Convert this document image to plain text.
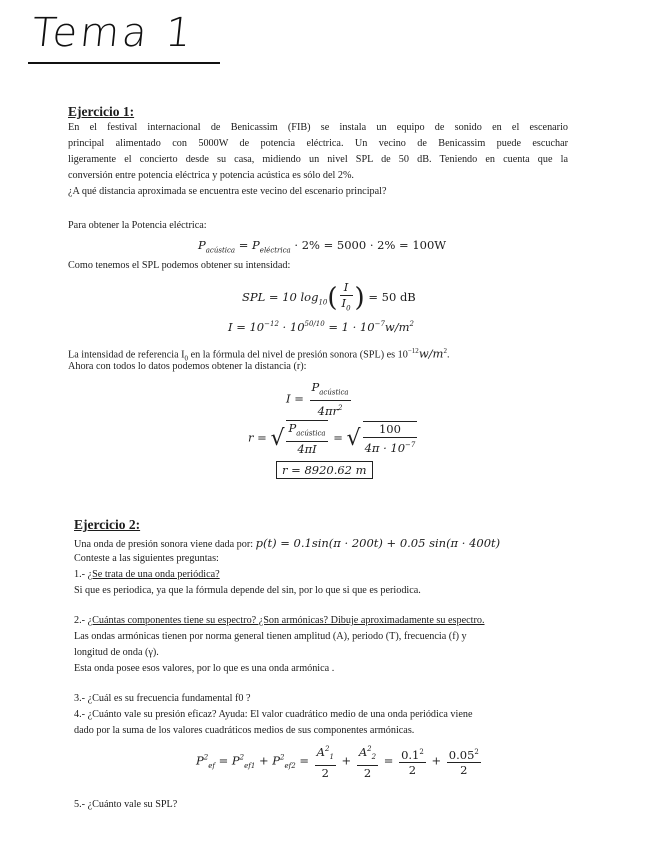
Tema 1
Ejercicio 1:
En el festival internacional de Benicassim (FIB) se instala un equipo de sonido en el escenario
principal alimentado con 5000W de potencia eléctrica. Un vecino de Benicassim puede escuchar
ligeramente el concierto desde su casa, midiendo un nivel SPL de 50 dB. Teniendo en cuenta que la
conversión entre potencia eléctrica y potencia acústica es sólo del 2%.
¿A qué distancia aproximada se encuentra este vecino del escenario principal?
Para obtener la Potencia eléctrica:
$P_{acústica} = P_{eléctrica} \cdot 2\% = 5000 \cdot 2\% = 100W$
Como tenemos el SPL podemos obtener su intensidad:
SPL = 10 $\log_{10}( \frac{I}{I_0}$ ) = 50 dB
$I = 10^{-12} \cdot 10^{50/10} = 1 \cdot 10^{-7}w/m^2$
La intensidad de referencia $I_0$ en la fórmula del nivel de presión sonora (SPL) es $10^{-12}w/m^2$.
Ahora con todos lo datos podemos obtener la distancia (r):
$I = \frac{P_{acústica}}{4\pi r^2}$
r = √ $\frac{P_{acústica}}{4\pi I}$ = √ $\frac{100}{4\pi \cdot 10^{-7}}$
r = 8920.62 m
Ejercicio 2:
Una onda de presión sonora viene dada por: p(t) = 0.1sin(π · 200t) + 0.05 sin(π · 400t)
Conteste a las siguientes preguntas:
1.- ¿Se trata de una onda periódica?
Si que es periodica, ya que la fórmula depende del sin, por lo que si que es periodica.
2.- ¿Cuántas componentes tiene su espectro? ¿Son armónicas? Dibuje aproximadamente su espectro.
Las ondas armónicas tienen por norma general tienen amplitud (A), periodo (T), frecuencia (f) y
longitud de onda (γ).
Esta onda posee esos valores, por lo que es una onda armónica .
3.- ¿Cuál es su frecuencia fundamental f0 ?
4.- ¿Cuánto vale su presión eficaz? Ayuda: El valor cuadrático medio de una onda periódica viene
dado por la suma de los valores cuadráticos medios de sus componentes armónicas.
$P^2_{ef} = P^2_{ef1} + P^2_{ef2} = \frac{A^2_1}{2} + \frac{A^2_2}{2} = \frac{0.1^2}{2} + \frac{0.05^2}{2}$
5.- ¿Cuánto vale su SPL?
